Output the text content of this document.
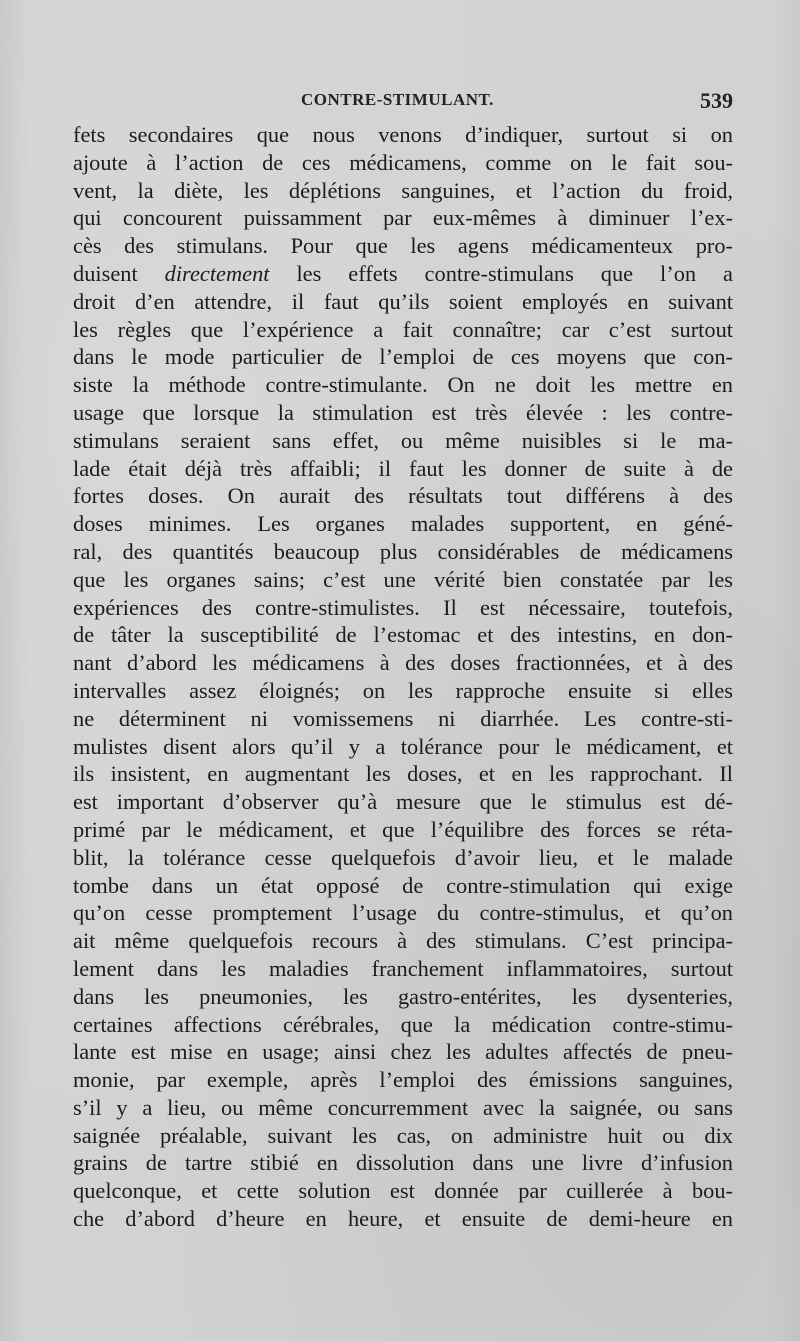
CONTRE-STIMULANT.	539
fets secondaires que nous venons d’indiquer, surtout si on
ajoute à l’action de ces médicamens, comme on le fait sou-
vent, la diète, les déplétions sanguines, et l’action du froid,
qui concourent puissamment par eux-mêmes à diminuer l’ex-
cès des stimulans. Pour que les agens médicamenteux pro-
duisent directement les effets contre-stimulans que l’on a
droit d’en attendre, il faut qu’ils soient employés en suivant
les règles que l’expérience a fait connaître; car c’est surtout
dans le mode particulier de l’emploi de ces moyens que con-
siste la méthode contre-stimulante. On ne doit les mettre en
usage que lorsque la stimulation est très élevée : les contre-
stimulans seraient sans effet, ou même nuisibles si le ma-
lade était déjà très affaibli; il faut les donner de suite à de
fortes doses. On aurait des résultats tout différens à des
doses minimes. Les organes malades supportent, en géné-
ral, des quantités beaucoup plus considérables de médicamens
que les organes sains; c’est une vérité bien constatée par les
expériences des contre-stimulistes. Il est nécessaire, toutefois,
de tâter la susceptibilité de l’estomac et des intestins, en don-
nant d’abord les médicamens à des doses fractionnées, et à des
intervalles assez éloignés; on les rapproche ensuite si elles
ne déterminent ni vomissemens ni diarrhée. Les contre-sti-
mulistes disent alors qu’il y a tolérance pour le médicament, et
ils insistent, en augmentant les doses, et en les rapprochant. Il
est important d’observer qu’à mesure que le stimulus est dé-
primé par le médicament, et que l’équilibre des forces se réta-
blit, la tolérance cesse quelquefois d’avoir lieu, et le malade
tombe dans un état opposé de contre-stimulation qui exige
qu’on cesse promptement l’usage du contre-stimulus, et qu’on
ait même quelquefois recours à des stimulans. C’est principa-
lement dans les maladies franchement inflammatoires, surtout
dans les pneumonies, les gastro-entérites, les dysenteries,
certaines affections cérébrales, que la médication contre-stimu-
lante est mise en usage; ainsi chez les adultes affectés de pneu-
monie, par exemple, après l’emploi des émissions sanguines,
s’il y a lieu, ou même concurremment avec la saignée, ou sans
saignée préalable, suivant les cas, on administre huit ou dix
grains de tartre stibié en dissolution dans une livre d’infusion
quelconque, et cette solution est donnée par cuillerée à bou-
che d’abord d’heure en heure, et ensuite de demi-heure en
